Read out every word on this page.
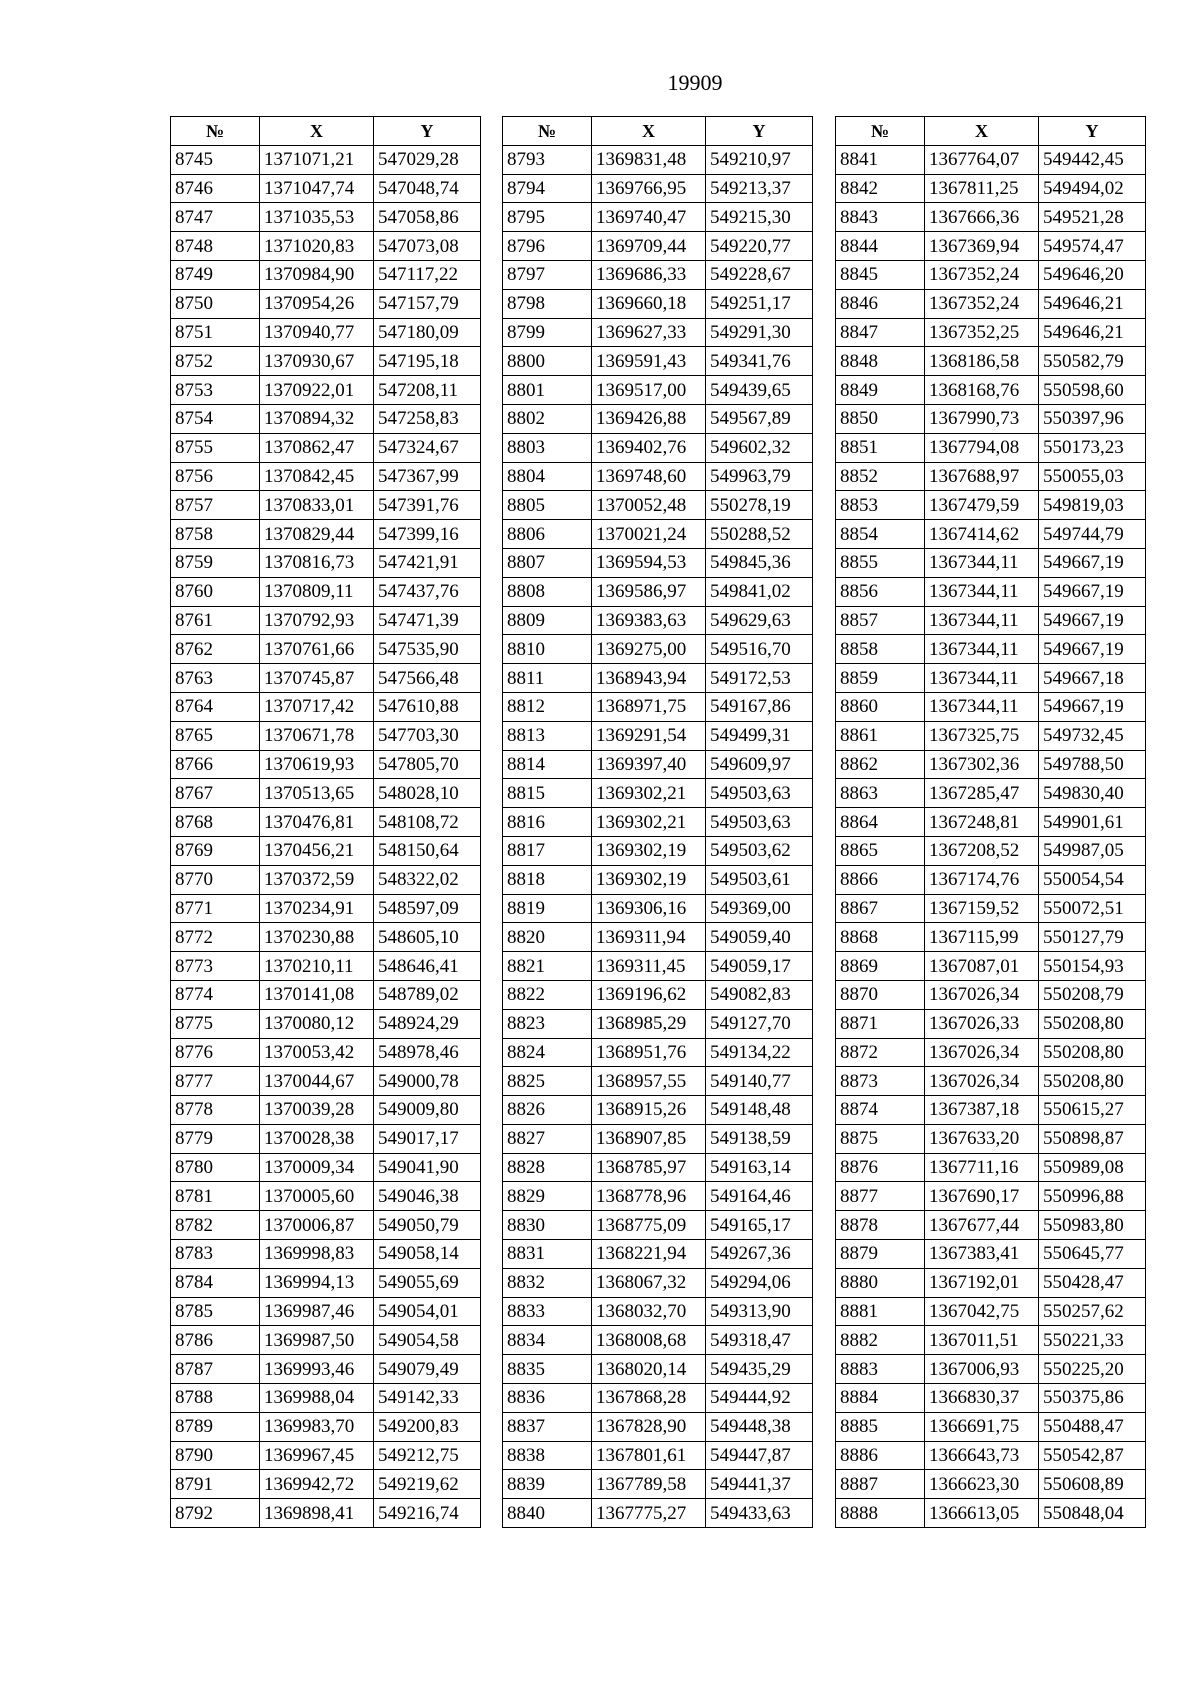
19909
№	X	Y
8745	1371071,21	547029,28
8746	1371047,74	547048,74
8747	1371035,53	547058,86
8748	1371020,83	547073,08
8749	1370984,90	547117,22
8750	1370954,26	547157,79
8751	1370940,77	547180,09
8752	1370930,67	547195,18
8753	1370922,01	547208,11
8754	1370894,32	547258,83
8755	1370862,47	547324,67
8756	1370842,45	547367,99
8757	1370833,01	547391,76
8758	1370829,44	547399,16
8759	1370816,73	547421,91
8760	1370809,11	547437,76
8761	1370792,93	547471,39
8762	1370761,66	547535,90
8763	1370745,87	547566,48
8764	1370717,42	547610,88
8765	1370671,78	547703,30
8766	1370619,93	547805,70
8767	1370513,65	548028,10
8768	1370476,81	548108,72
8769	1370456,21	548150,64
8770	1370372,59	548322,02
8771	1370234,91	548597,09
8772	1370230,88	548605,10
8773	1370210,11	548646,41
8774	1370141,08	548789,02
8775	1370080,12	548924,29
8776	1370053,42	548978,46
8777	1370044,67	549000,78
8778	1370039,28	549009,80
8779	1370028,38	549017,17
8780	1370009,34	549041,90
8781	1370005,60	549046,38
8782	1370006,87	549050,79
8783	1369998,83	549058,14
8784	1369994,13	549055,69
8785	1369987,46	549054,01
8786	1369987,50	549054,58
8787	1369993,46	549079,49
8788	1369988,04	549142,33
8789	1369983,70	549200,83
8790	1369967,45	549212,75
8791	1369942,72	549219,62
8792	1369898,41	549216,74
№	X	Y
8793	1369831,48	549210,97
8794	1369766,95	549213,37
8795	1369740,47	549215,30
8796	1369709,44	549220,77
8797	1369686,33	549228,67
8798	1369660,18	549251,17
8799	1369627,33	549291,30
8800	1369591,43	549341,76
8801	1369517,00	549439,65
8802	1369426,88	549567,89
8803	1369402,76	549602,32
8804	1369748,60	549963,79
8805	1370052,48	550278,19
8806	1370021,24	550288,52
8807	1369594,53	549845,36
8808	1369586,97	549841,02
8809	1369383,63	549629,63
8810	1369275,00	549516,70
8811	1368943,94	549172,53
8812	1368971,75	549167,86
8813	1369291,54	549499,31
8814	1369397,40	549609,97
8815	1369302,21	549503,63
8816	1369302,21	549503,63
8817	1369302,19	549503,62
8818	1369302,19	549503,61
8819	1369306,16	549369,00
8820	1369311,94	549059,40
8821	1369311,45	549059,17
8822	1369196,62	549082,83
8823	1368985,29	549127,70
8824	1368951,76	549134,22
8825	1368957,55	549140,77
8826	1368915,26	549148,48
8827	1368907,85	549138,59
8828	1368785,97	549163,14
8829	1368778,96	549164,46
8830	1368775,09	549165,17
8831	1368221,94	549267,36
8832	1368067,32	549294,06
8833	1368032,70	549313,90
8834	1368008,68	549318,47
8835	1368020,14	549435,29
8836	1367868,28	549444,92
8837	1367828,90	549448,38
8838	1367801,61	549447,87
8839	1367789,58	549441,37
8840	1367775,27	549433,63
№	X	Y
8841	1367764,07	549442,45
8842	1367811,25	549494,02
8843	1367666,36	549521,28
8844	1367369,94	549574,47
8845	1367352,24	549646,20
8846	1367352,24	549646,21
8847	1367352,25	549646,21
8848	1368186,58	550582,79
8849	1368168,76	550598,60
8850	1367990,73	550397,96
8851	1367794,08	550173,23
8852	1367688,97	550055,03
8853	1367479,59	549819,03
8854	1367414,62	549744,79
8855	1367344,11	549667,19
8856	1367344,11	549667,19
8857	1367344,11	549667,19
8858	1367344,11	549667,19
8859	1367344,11	549667,18
8860	1367344,11	549667,19
8861	1367325,75	549732,45
8862	1367302,36	549788,50
8863	1367285,47	549830,40
8864	1367248,81	549901,61
8865	1367208,52	549987,05
8866	1367174,76	550054,54
8867	1367159,52	550072,51
8868	1367115,99	550127,79
8869	1367087,01	550154,93
8870	1367026,34	550208,79
8871	1367026,33	550208,80
8872	1367026,34	550208,80
8873	1367026,34	550208,80
8874	1367387,18	550615,27
8875	1367633,20	550898,87
8876	1367711,16	550989,08
8877	1367690,17	550996,88
8878	1367677,44	550983,80
8879	1367383,41	550645,77
8880	1367192,01	550428,47
8881	1367042,75	550257,62
8882	1367011,51	550221,33
8883	1367006,93	550225,20
8884	1366830,37	550375,86
8885	1366691,75	550488,47
8886	1366643,73	550542,87
8887	1366623,30	550608,89
8888	1366613,05	550848,04
